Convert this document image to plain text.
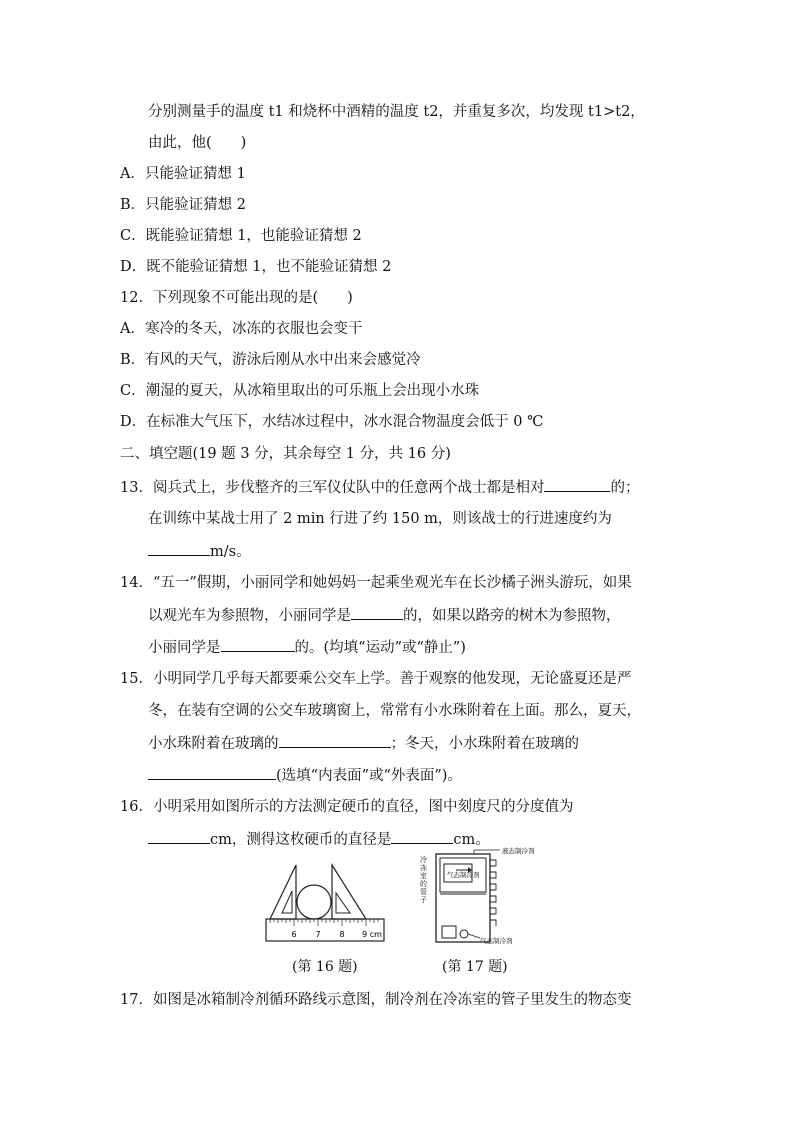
分别测量手的温度 t1 和烧杯中酒精的温度 t2，并重复多次，均发现 t1>t2，
由此，他(　　)
A．只能验证猜想 1
B．只能验证猜想 2
C．既能验证猜想 1，也能验证猜想 2
D．既不能验证猜想 1，也不能验证猜想 2
12．下列现象不可能出现的是(　　)
A．寒冷的冬天，冰冻的衣服也会变干
B．有风的天气，游泳后刚从水中出来会感觉冷
C．潮湿的夏天，从冰箱里取出的可乐瓶上会出现小水珠
D．在标准大气压下，水结冰过程中，冰水混合物温度会低于 0 ℃
二、填空题(19 题 3 分，其余每空 1 分，共 16 分)
13．阅兵式上，步伐整齐的三军仪仗队中的任意两个战士都是相对	的；
在训练中某战士用了 2 min 行进了约 150 m，则该战士的行进速度约为
m/s。
14．“五一”假期，小丽同学和她妈妈一起乘坐观光车在长沙橘子洲头游玩，如果
以观光车为参照物，小丽同学是	的，如果以路旁的树木为参照物，
小丽同学是	的。(均填“运动”或“静止”)
15．小明同学几乎每天都要乘公交车上学。善于观察的他发现，无论盛夏还是严
冬，在装有空调的公交车玻璃窗上，常常有小水珠附着在上面。那么，夏天，
小水珠附着在玻璃的	；冬天，小水珠附着在玻璃的
(选填“内表面”或“外表面”)。
16．小明采用如图所示的方法测定硬币的直径，图中刻度尺的分度值为
cm，测得这枚硬币的直径是	cm。
6 7 8 9 cm
(第 16 题)
液态制冷剂
气态制冷剂
气态制冷剂
冷冻室的管子
(第 17 题)
17．如图是冰箱制冷剂循环路线示意图，制冷剂在冷冻室的管子里发生的物态变
